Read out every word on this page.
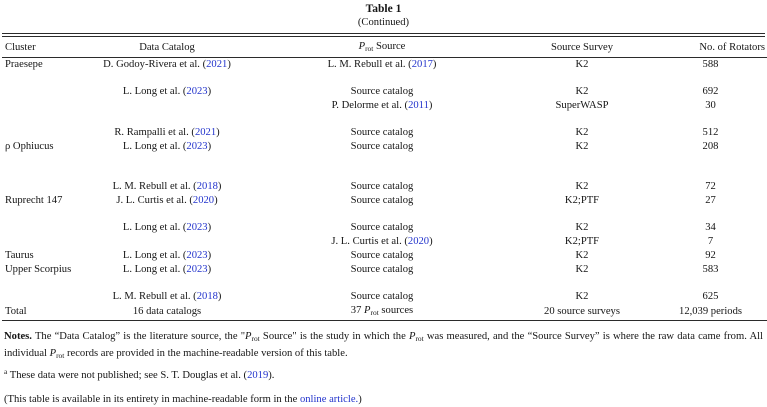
Table 1
(Continued)
Cluster	Data Catalog	$P_{rot}$ Source	Source Survey	No. of Rotators
Praesepe	D. Godoy-Rivera et al. (2021)	L. M. Rebull et al. (2017)	K2	588

	L. Long et al. (2023)	Source catalog	K2	692
		P. Delorme et al. (2011)	SuperWASP	30

	R. Rampalli et al. (2021)	Source catalog	K2	512
ρ Ophiucus	L. Long et al. (2023)	Source catalog	K2	208

	L. M. Rebull et al. (2018)	Source catalog	K2	72
Ruprecht 147	J. L. Curtis et al. (2020)	Source catalog	K2;PTF	27

	L. Long et al. (2023)	Source catalog	K2	34
		J. L. Curtis et al. (2020)	K2;PTF	7
Taurus	L. Long et al. (2023)	Source catalog	K2	92
Upper Scorpius	L. Long et al. (2023)	Source catalog	K2	583

	L. M. Rebull et al. (2018)	Source catalog	K2	625
Total	16 data catalogs	37 $P_{rot}$ sources	20 source surveys	12,039 periods
Notes. The “Data Catalog” is the literature source, the "$P_{rot}$ Source" is the study in which the $P_{rot}$ was measured, and the “Source Survey” is where the raw data came from. All individual $P_{rot}$ records are provided in the machine-readable version of this table.
$^a$ These data were not published; see S. T. Douglas et al. (2019).
(This table is available in its entirety in machine-readable form in the online article.)
